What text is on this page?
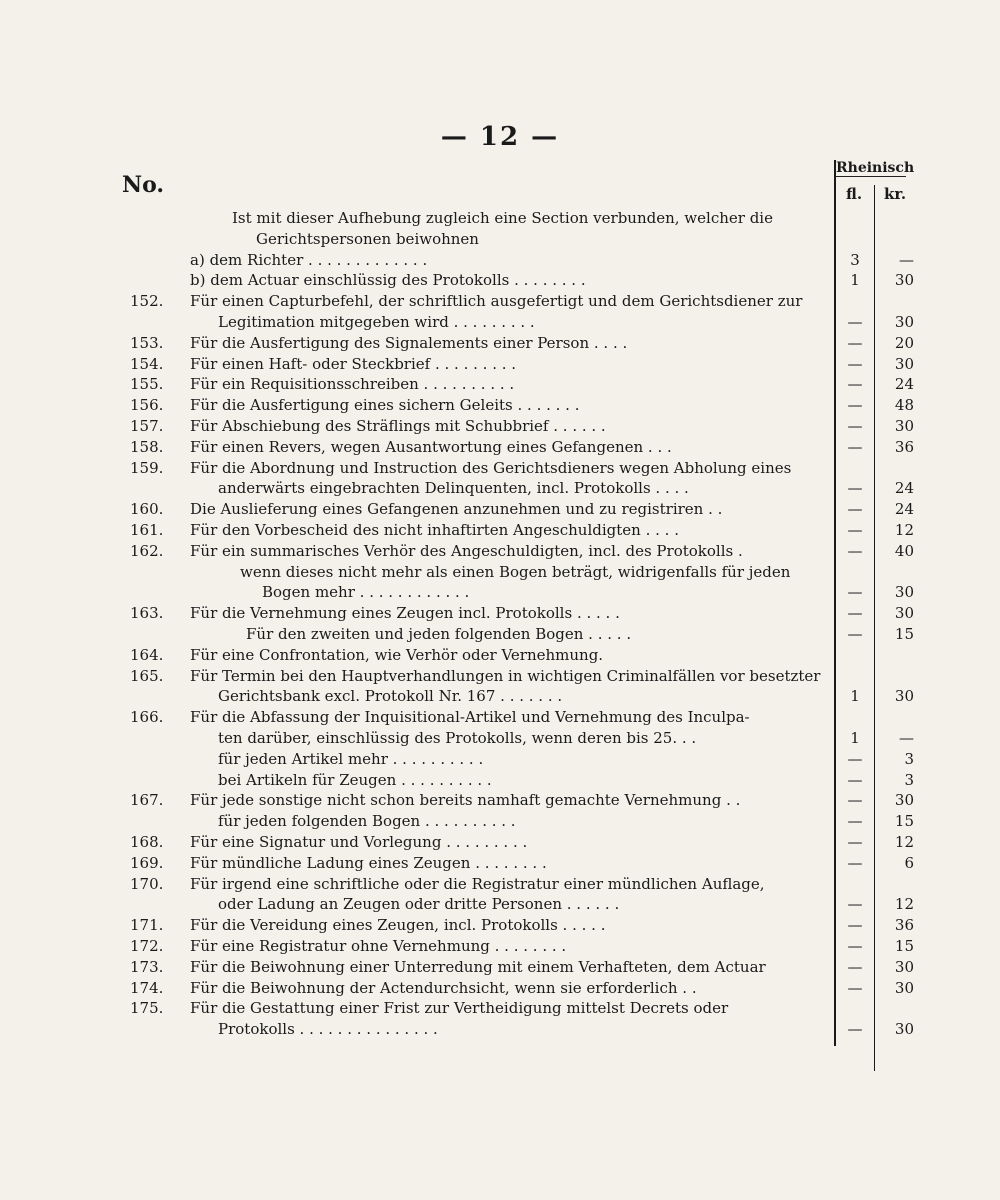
— 12 —
No.
Rheinisch
fl. kr.
Ist mit dieser Aufhebung zugleich eine Section verbunden, welcher die
Gerichtspersonen beiwohnen
a) dem Richter . . . . . . . . . . . . .	3	—
b) dem Actuar einschlüssig des Protokolls . . . . . . . .	1	30
152.	Für einen Capturbefehl, der schriftlich ausgefertigt und dem Gerichtsdiener zur
Legitimation mitgegeben wird . . . . . . . . .	—	30
153.	Für die Ausfertigung des Signalements einer Person . . . .	—	20
154.	Für einen Haft- oder Steckbrief . . . . . . . . .	—	30
155.	Für ein Requisitionsschreiben . . . . . . . . . .	—	24
156.	Für die Ausfertigung eines sichern Geleits . . . . . . .	—	48
157.	Für Abschiebung des Sträflings mit Schubbrief . . . . . .	—	30
158.	Für einen Revers, wegen Ausantwortung eines Gefangenen . . .	—	36
159.	Für die Abordnung und Instruction des Gerichtsdieners wegen Abholung eines
anderwärts eingebrachten Delinquenten, incl. Protokolls . . . .	—	24
160.	Die Auslieferung eines Gefangenen anzunehmen und zu registriren . .	—	24
161.	Für den Vorbescheid des nicht inhaftirten Angeschuldigten . . . .	—	12
162.	Für ein summarisches Verhör des Angeschuldigten, incl. des Protokolls .	—	40
wenn dieses nicht mehr als einen Bogen beträgt, widrigenfalls für jeden
Bogen mehr . . . . . . . . . . . .	—	30
163.	Für die Vernehmung eines Zeugen incl. Protokolls . . . . .	—	30
Für den zweiten und jeden folgenden Bogen . . . . .	—	15
164.	Für eine Confrontation, wie Verhör oder Vernehmung.
165.	Für Termin bei den Hauptverhandlungen in wichtigen Criminalfällen vor besetzter
Gerichtsbank excl. Protokoll Nr. 167 . . . . . . .	1	30
166.	Für die Abfassung der Inquisitional-Artikel und Vernehmung des Inculpa-
ten darüber, einschlüssig des Protokolls, wenn deren bis 25. . .	1	—
für jeden Artikel mehr . . . . . . . . . .	—	3
bei Artikeln für Zeugen . . . . . . . . . .	—	3
167.	Für jede sonstige nicht schon bereits namhaft gemachte Vernehmung . .	—	30
für jeden folgenden Bogen . . . . . . . . . .	—	15
168.	Für eine Signatur und Vorlegung . . . . . . . . .	—	12
169.	Für mündliche Ladung eines Zeugen . . . . . . . .	—	6
170.	Für irgend eine schriftliche oder die Registratur einer mündlichen Auflage,
oder Ladung an Zeugen oder dritte Personen . . . . . .	—	12
171.	Für die Vereidung eines Zeugen, incl. Protokolls . . . . .	—	36
172.	Für eine Registratur ohne Vernehmung . . . . . . . .	—	15
173.	Für die Beiwohnung einer Unterredung mit einem Verhafteten, dem Actuar	—	30
174.	Für die Beiwohnung der Actendurchsicht, wenn sie erforderlich . .	—	30
175.	Für die Gestattung einer Frist zur Vertheidigung mittelst Decrets oder
Protokolls . . . . . . . . . . . . . . .	—	30
